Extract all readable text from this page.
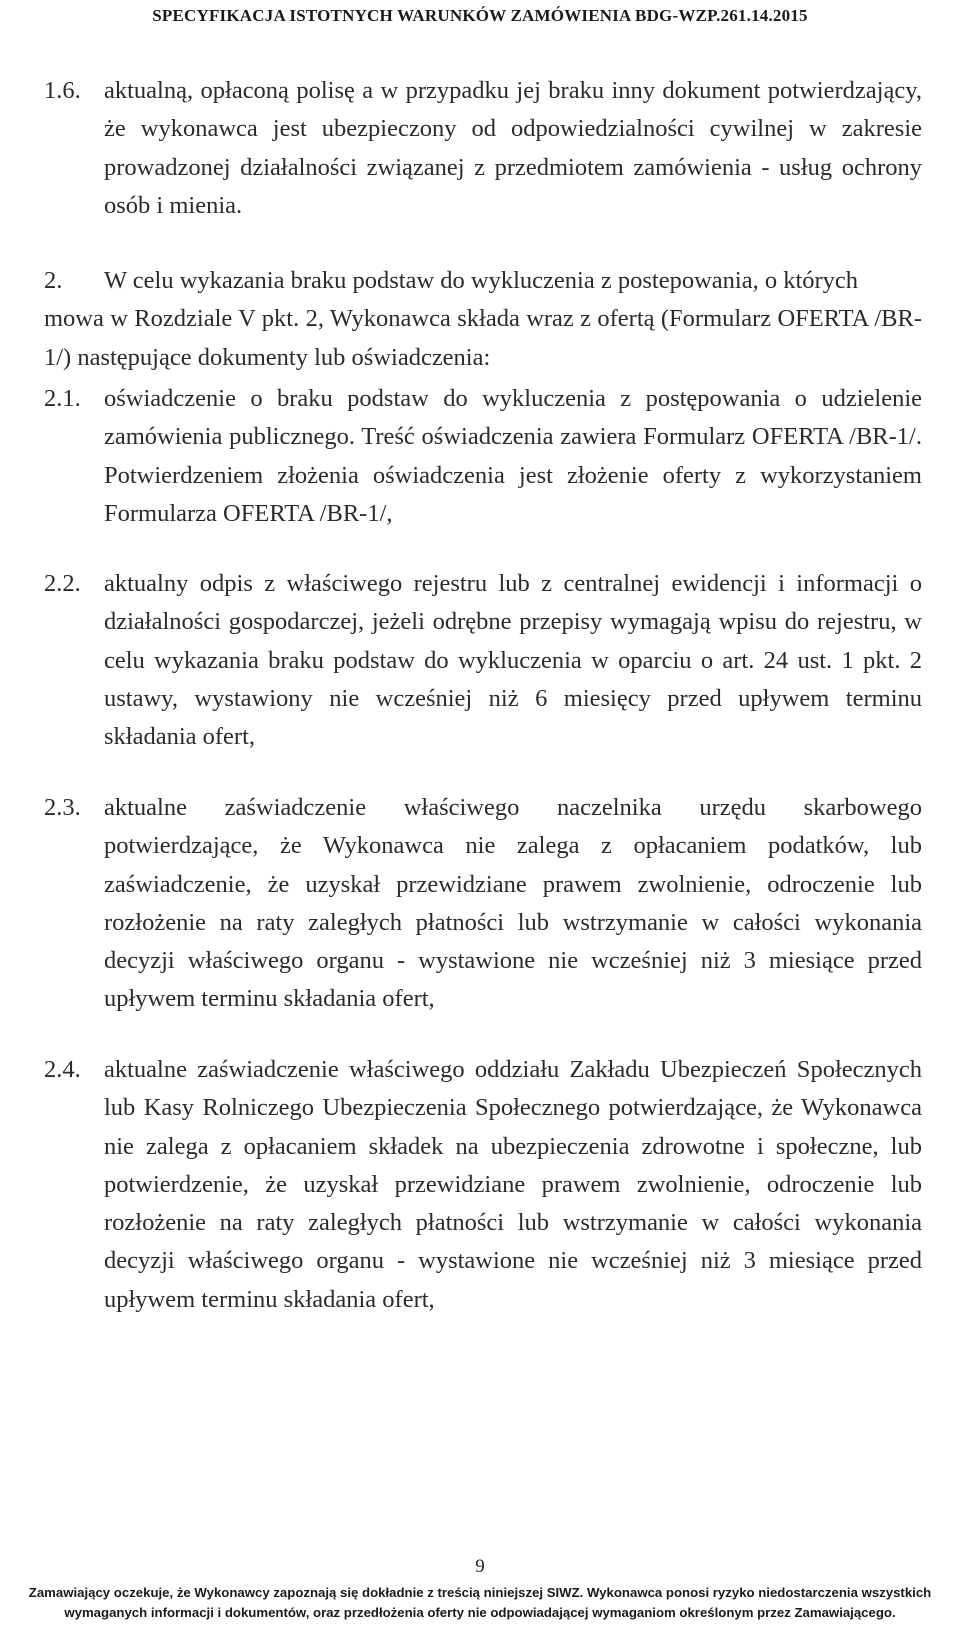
SPECYFIKACJA ISTOTNYCH WARUNKÓW ZAMÓWIENIA BDG-WZP.261.14.2015
1.6. aktualną, opłaconą polisę a w przypadku jej braku inny dokument potwierdzający, że wykonawca jest ubezpieczony od odpowiedzialności cywilnej w zakresie prowadzonej działalności związanej z przedmiotem zamówienia - usług ochrony osób i mienia.
2. W celu wykazania braku podstaw do wykluczenia z postepowania, o których
mowa w Rozdziale V pkt. 2, Wykonawca składa wraz z ofertą (Formularz OFERTA /BR-1/) następujące dokumenty lub oświadczenia:
2.1. oświadczenie o braku podstaw do wykluczenia z postępowania o udzielenie zamówienia publicznego. Treść oświadczenia zawiera Formularz OFERTA /BR-1/. Potwierdzeniem złożenia oświadczenia jest złożenie oferty z wykorzystaniem Formularza OFERTA /BR-1/,
2.2. aktualny odpis z właściwego rejestru lub z centralnej ewidencji i informacji o działalności gospodarczej, jeżeli odrębne przepisy wymagają wpisu do rejestru, w celu wykazania braku podstaw do wykluczenia w oparciu o art. 24 ust. 1 pkt. 2 ustawy, wystawiony nie wcześniej niż 6 miesięcy przed upływem terminu składania ofert,
2.3. aktualne zaświadczenie właściwego naczelnika urzędu skarbowego potwierdzające, że Wykonawca nie zalega z opłacaniem podatków, lub zaświadczenie, że uzyskał przewidziane prawem zwolnienie, odroczenie lub rozłożenie na raty zaległych płatności lub wstrzymanie w całości wykonania decyzji właściwego organu - wystawione nie wcześniej niż 3 miesiące przed upływem terminu składania ofert,
2.4. aktualne zaświadczenie właściwego oddziału Zakładu Ubezpieczeń Społecznych lub Kasy Rolniczego Ubezpieczenia Społecznego potwierdzające, że Wykonawca nie zalega z opłacaniem składek na ubezpieczenia zdrowotne i społeczne, lub potwierdzenie, że uzyskał przewidziane prawem zwolnienie, odroczenie lub rozłożenie na raty zaległych płatności lub wstrzymanie w całości wykonania decyzji właściwego organu - wystawione nie wcześniej niż 3 miesiące przed upływem terminu składania ofert,
9
Zamawiający oczekuje, że Wykonawcy zapoznają się dokładnie z treścią niniejszej SIWZ. Wykonawca ponosi ryzyko niedostarczenia wszystkich
wymaganych informacji i dokumentów, oraz przedłożenia oferty nie odpowiadającej wymaganiom określonym przez Zamawiającego.
